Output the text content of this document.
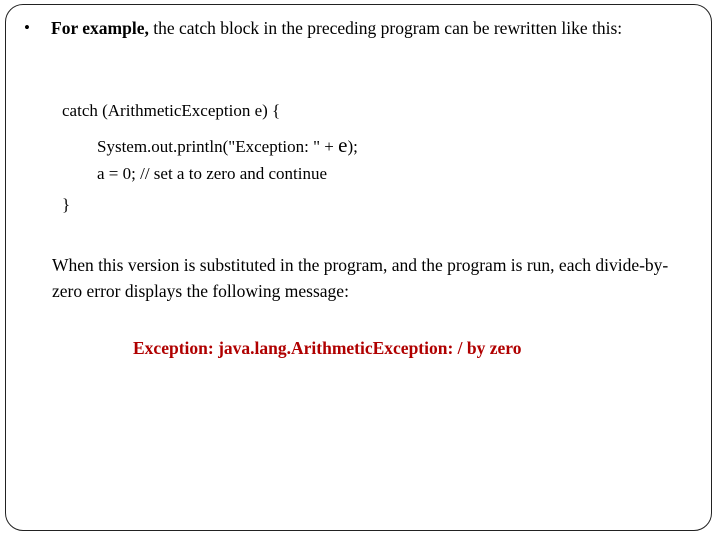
• For example, the catch block in the preceding program can be rewritten like this:
catch (ArithmeticException e) {
System.out.println("Exception: " + e);
a = 0; // set a to zero and continue
}
When this version is substituted in the program, and the program is run, each divide-by-zero error displays the following message:
Exception: java.lang.ArithmeticException: / by zero
